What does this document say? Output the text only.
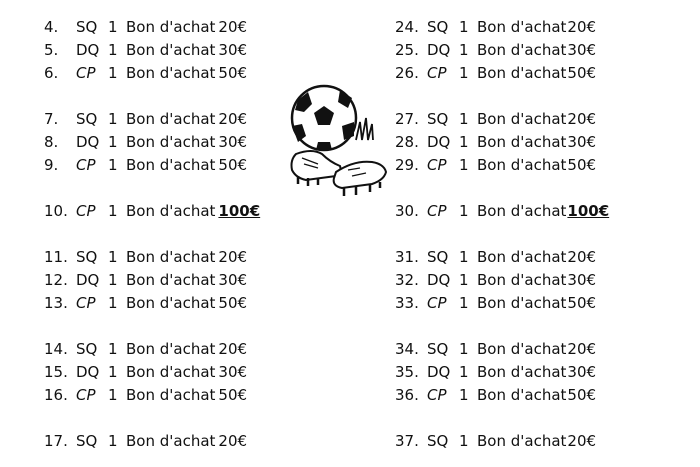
4.	SQ 1 Bon d'achat 20€
5.	DQ 1 Bon d'achat 30€
6.	CP 1 Bon d'achat 50€
7.	SQ 1 Bon d'achat 20€
8.	DQ 1 Bon d'achat 30€
9.	CP 1 Bon d'achat 50€
10. CP 1 Bon d'achat 100€
11. SQ 1 Bon d'achat 20€
12. DQ 1 Bon d'achat 30€
13. CP 1 Bon d'achat 50€
14. SQ 1 Bon d'achat 20€
15. DQ 1 Bon d'achat 30€
16. CP 1 Bon d'achat 50€
17. SQ 1 Bon d'achat 20€
24. SQ 1 Bon d'achat 20€
25. DQ 1 Bon d'achat 30€
26. CP 1 Bon d'achat 50€
27. SQ 1 Bon d'achat 20€
28. DQ 1 Bon d'achat 30€
29. CP 1 Bon d'achat 50€
30. CP 1 Bon d'achat 100€
31. SQ 1 Bon d'achat 20€
32. DQ 1 Bon d'achat 30€
33. CP 1 Bon d'achat 50€
34. SQ 1 Bon d'achat 20€
35. DQ 1 Bon d'achat 30€
36. CP 1 Bon d'achat 50€
37. SQ 1 Bon d'achat 20€
